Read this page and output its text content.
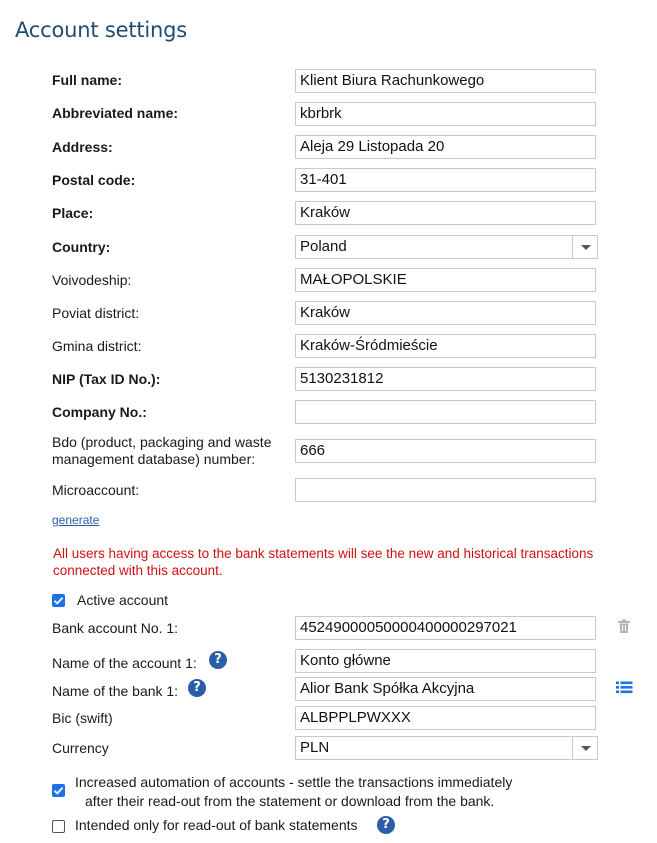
Account settings
Full name:	Klient Biura Rachunkowego
Abbreviated name:	kbrbrk
Address:	Aleja 29 Listopada 20
Postal code:	31-401
Place:	Kraków
Country:	Poland
Voivodeship:	MAŁOPOLSKIE
Poviat district:	Kraków
Gmina district:	Kraków-Śródmieście
NIP (Tax ID No.):	5130231812
Company No.:
Bdo (product, packaging and waste
management database) number:	666
Microaccount:
generate
All users having access to the bank statements will see the new and historical transactions
connected with this account.
Active account
Bank account No. 1:	45249000050000400000297021
Name of the account 1:	?	Konto główne
Name of the bank 1:	?	Alior Bank Spółka Akcyjna
Bic (swift)	ALBPPLPWXXX
Currency	PLN
Increased automation of accounts - settle the transactions immediately
after their read-out from the statement or download from the bank.
Intended only for read-out of bank statements	?
